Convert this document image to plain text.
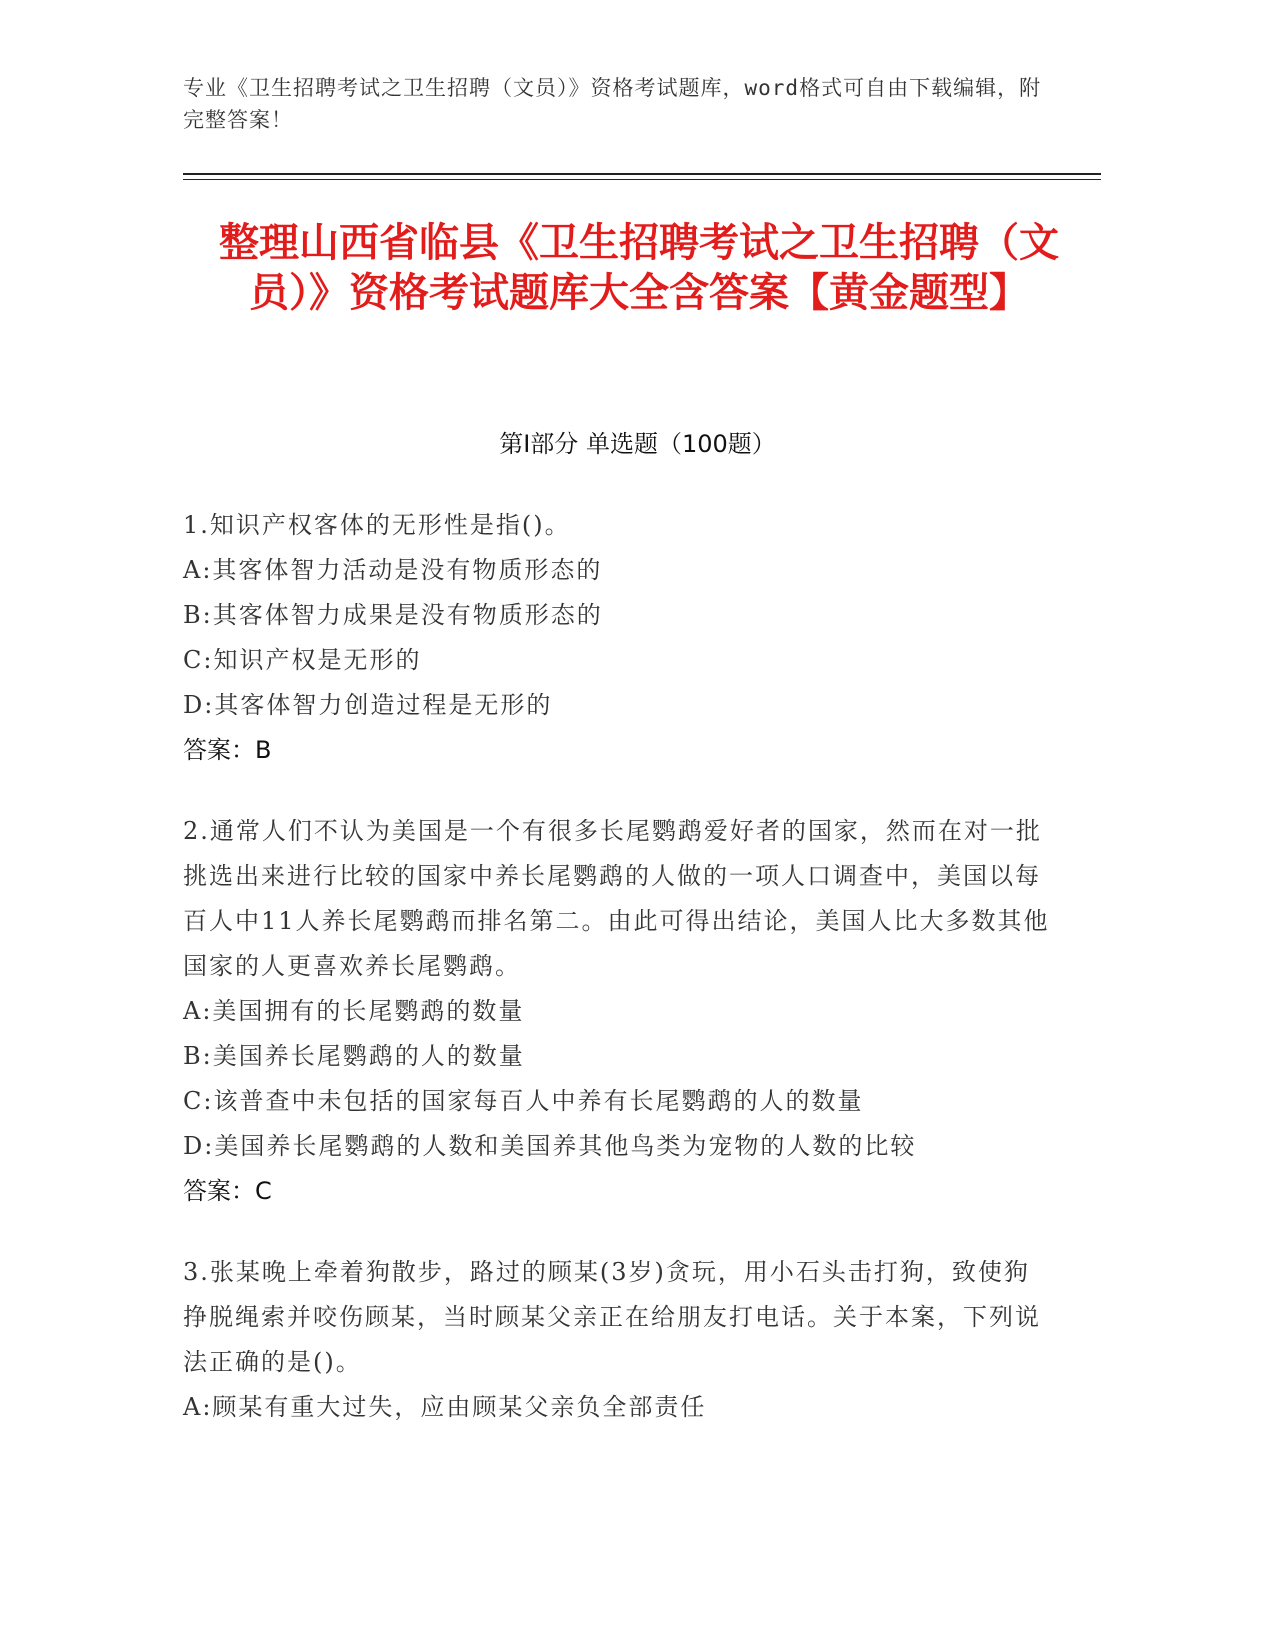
专业《卫生招聘考试之卫生招聘（文员）》资格考试题库，word格式可自由下载编辑，附完整答案！
整理山西省临县《卫生招聘考试之卫生招聘（文员）》资格考试题库大全含答案【黄金题型】
第I部分 单选题（100题）
1.知识产权客体的无形性是指()。
A:其客体智力活动是没有物质形态的
B:其客体智力成果是没有物质形态的
C:知识产权是无形的
D:其客体智力创造过程是无形的
答案：B
2.通常人们不认为美国是一个有很多长尾鹦鹉爱好者的国家，然而在对一批挑选出来进行比较的国家中养长尾鹦鹉的人做的一项人口调查中，美国以每百人中11人养长尾鹦鹉而排名第二。由此可得出结论，美国人比大多数其他国家的人更喜欢养长尾鹦鹉。
A:美国拥有的长尾鹦鹉的数量
B:美国养长尾鹦鹉的人的数量
C:该普查中未包括的国家每百人中养有长尾鹦鹉的人的数量
D:美国养长尾鹦鹉的人数和美国养其他鸟类为宠物的人数的比较
答案：C
3.张某晚上牵着狗散步，路过的顾某(3岁)贪玩，用小石头击打狗，致使狗挣脱绳索并咬伤顾某，当时顾某父亲正在给朋友打电话。关于本案，下列说法正确的是()。
A:顾某有重大过失，应由顾某父亲负全部责任
